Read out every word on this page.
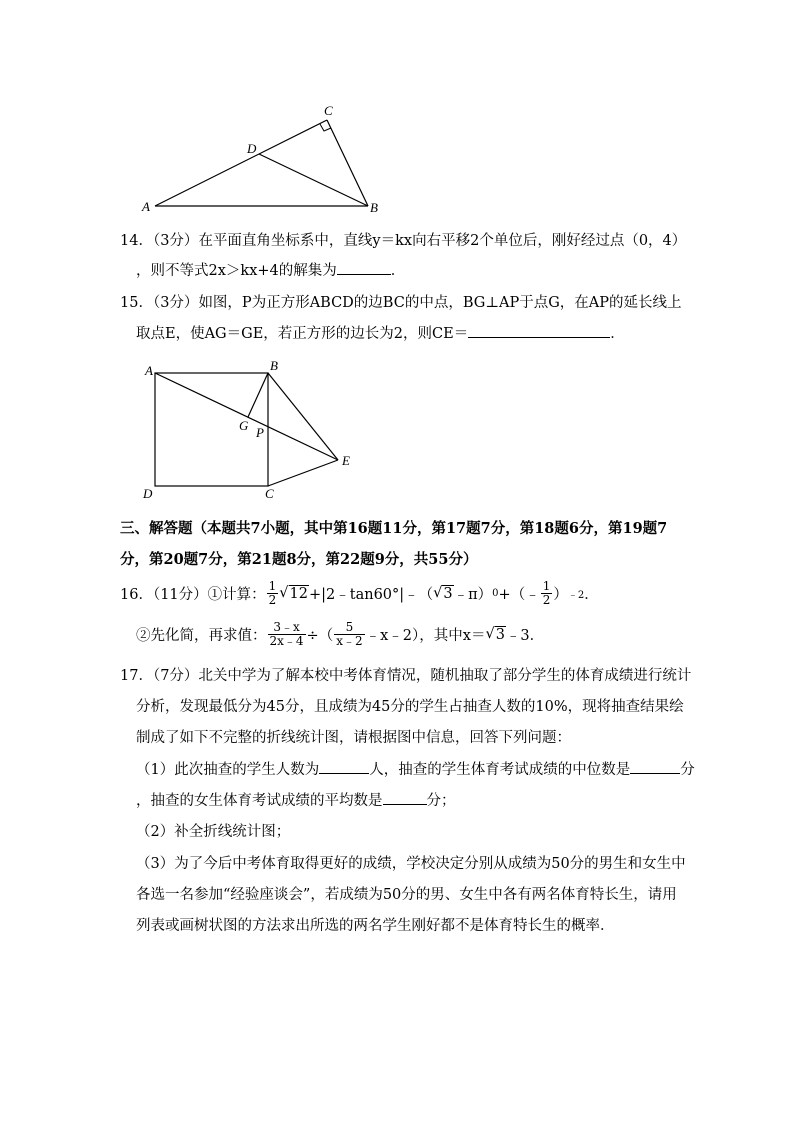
C
D
A	B
14．（3分）在平面直角坐标系中，直线y＝kx向右平移2个单位后，刚好经过点（0，4）
，则不等式2x＞kx+4的解集为	．
15．（3分）如图，P为正方形ABCD的边BC的中点，BG⊥AP于点G，在AP的延长线上
取点E，使AG＝GE，若正方形的边长为2，则CE＝	．
A	B
G P
E
D	C
三、解答题（本题共7小题，其中第16题11分，第17题7分，第18题6分，第19题7
分，第20题7分，第21题8分，第22题9分，共55分）
16．（11分） ①计算： $\frac{1}{2}$ √ 12 +|2﹣tan60°|﹣（ √ 3 ﹣π） 0 +（﹣ $\frac{1}{2}$ ） ﹣2 ．
②先化简，再求值： $\frac{3﹣x}{2x﹣4}$ ÷（ $\frac{5}{x﹣2}$ ﹣x﹣2），其中x＝ √ 3 ﹣3．
17．（7分）北关中学为了解本校中考体育情况，随机抽取了部分学生的体育成绩进行统计
分析，发现最低分为45分，且成绩为45分的学生占抽查人数的10%，现将抽查结果绘
制成了如下不完整的折线统计图，请根据图中信息，回答下列问题：
（1）此次抽查的学生人数为	人，抽查的学生体育考试成绩的中位数是	分
，抽查的女生体育考试成绩的平均数是	分；
（2）补全折线统计图；
（3）为了今后中考体育取得更好的成绩，学校决定分别从成绩为50分的男生和女生中
各选一名参加“经验座谈会”，若成绩为50分的男、女生中各有两名体育特长生，请用
列表或画树状图的方法求出所选的两名学生刚好都不是体育特长生的概率．
